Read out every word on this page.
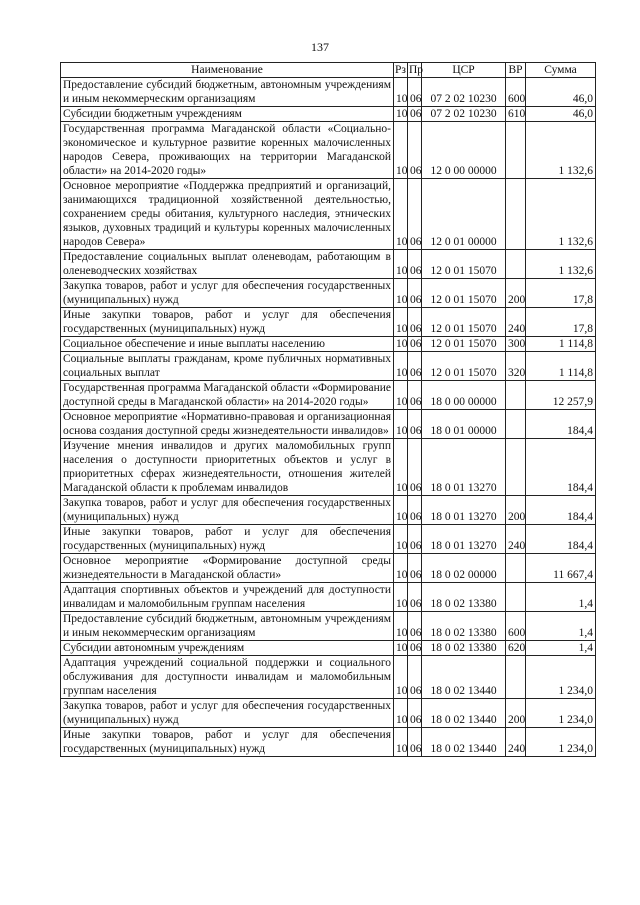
137
Наименование	Рз	Пр	ЦСР	ВР	Сумма
Предоставление субсидий бюджетным, автономным учреждениям и иным некоммерческим организациям	10	06	07 2 02 10230	600	46,0
Субсидии бюджетным учреждениям	10	06	07 2 02 10230	610	46,0
Государственная программа Магаданской области «Социально-экономическое и культурное развитие коренных малочисленных народов Севера, проживающих на территории Магаданской области» на 2014-2020 годы»	10	06	12 0 00 00000		1 132,6
Основное мероприятие «Поддержка предприятий и организаций, занимающихся традиционной хозяйственной деятельностью, сохранением среды обитания, культурного наследия, этнических языков, духовных традиций и культуры коренных малочисленных народов Севера»	10	06	12 0 01 00000		1 132,6
Предоставление социальных выплат оленеводам, работающим в оленеводческих хозяйствах	10	06	12 0 01 15070		1 132,6
Закупка товаров, работ и услуг для обеспечения государственных (муниципальных) нужд	10	06	12 0 01 15070	200	17,8
Иные закупки товаров, работ и услуг для обеспечения государственных (муниципальных) нужд	10	06	12 0 01 15070	240	17,8
Социальное обеспечение и иные выплаты населению	10	06	12 0 01 15070	300	1 114,8
Социальные выплаты гражданам, кроме публичных нормативных социальных выплат	10	06	12 0 01 15070	320	1 114,8
Государственная программа Магаданской области «Формирование доступной среды в Магаданской области» на 2014-2020 годы»	10	06	18 0 00 00000		12 257,9
Основное мероприятие «Нормативно-правовая и организационная основа создания доступной среды жизнедеятельности инвалидов»	10	06	18 0 01 00000		184,4
Изучение мнения инвалидов и других маломобильных групп населения о доступности приоритетных объектов и услуг в приоритетных сферах жизнедеятельности, отношения жителей Магаданской области к проблемам инвалидов	10	06	18 0 01 13270		184,4
Закупка товаров, работ и услуг для обеспечения государственных (муниципальных) нужд	10	06	18 0 01 13270	200	184,4
Иные закупки товаров, работ и услуг для обеспечения государственных (муниципальных) нужд	10	06	18 0 01 13270	240	184,4
Основное мероприятие «Формирование доступной среды жизнедеятельности в Магаданской области»	10	06	18 0 02 00000		11 667,4
Адаптация спортивных объектов и учреждений для доступности инвалидам и маломобильным группам населения	10	06	18 0 02 13380		1,4
Предоставление субсидий бюджетным, автономным учреждениям и иным некоммерческим организациям	10	06	18 0 02 13380	600	1,4
Субсидии автономным учреждениям	10	06	18 0 02 13380	620	1,4
Адаптация учреждений социальной поддержки и социального обслуживания для доступности инвалидам и маломобильным группам населения	10	06	18 0 02 13440		1 234,0
Закупка товаров, работ и услуг для обеспечения государственных (муниципальных) нужд	10	06	18 0 02 13440	200	1 234,0
Иные закупки товаров, работ и услуг для обеспечения государственных (муниципальных) нужд	10	06	18 0 02 13440	240	1 234,0
